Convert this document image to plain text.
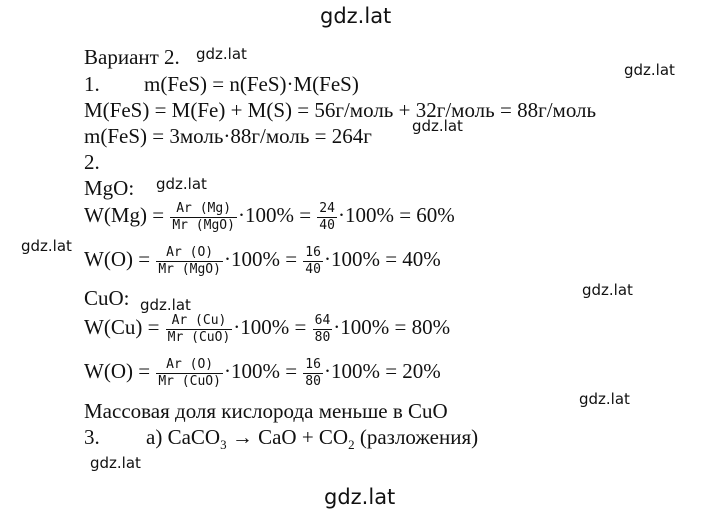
gdz.lat
gdz.lat
gdz.lat
gdz.lat
gdz.lat
gdz.lat
gdz.lat
gdz.lat
gdz.lat
gdz.lat
gdz.lat
Вариант 2.
1. m(FeS) = n(FeS)·M(FeS)
M(FeS) = M(Fe) + M(S) = 56г/моль + 32г/моль = 88г/моль
m(FeS) = 3моль·88г/моль = 264г
2.
MgO:
$W(Mg) = \frac{Ar (Mg)}{\text{Mr (MgO)}} \cdot 100\% = \frac{24}{40} \cdot 100\% = 60\%$
$W(O) = \frac{Ar (O)}{\text{Mr (MgO)}} \cdot 100\% = \frac{16}{40} \cdot 100\% = 40\%$
CuO:
$W(Cu) = \frac{Ar (Cu)}{\text{Mr (CuO)}} \cdot 100\% = \frac{64}{80} \cdot 100\% = 80\%$
$W(O) = \frac{Ar (O)}{\text{Mr (CuO)}} \cdot 100\% = \frac{16}{80} \cdot 100\% = 20\%$
Массовая доля кислорода меньше в CuO
3. а) CaCO$_3$ → CaO + $CO_2$ (разложения)
